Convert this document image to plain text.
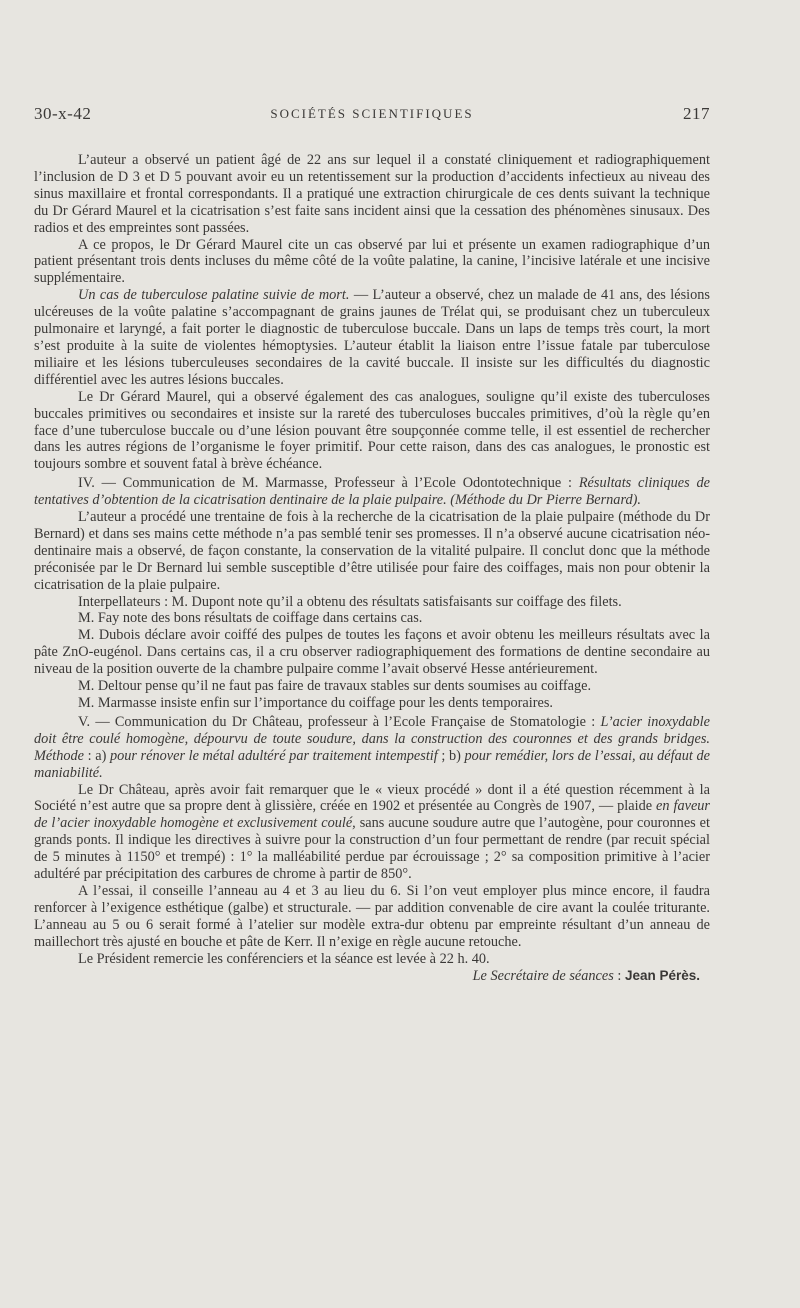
30-x-42	SOCIÉTÉS SCIENTIFIQUES	217

L’auteur a observé un patient âgé de 22 ans sur lequel il a constaté cliniquement et radiographiquement l’inclusion de D 3 et D 5 pouvant avoir eu un retentissement sur la production d’accidents infectieux au niveau des sinus maxillaire et frontal correspondants. Il a pratiqué une extraction chirurgicale de ces dents suivant la technique du Dr Gérard Maurel et la cicatrisation s’est faite sans incident ainsi que la cessation des phénomènes sinusaux. Des radios et des empreintes sont passées.

A ce propos, le Dr Gérard Maurel cite un cas observé par lui et présente un examen radiographique d’un patient présentant trois dents incluses du même côté de la voûte palatine, la canine, l’incisive latérale et une incisive supplémentaire.

Un cas de tuberculose palatine suivie de mort. — L’auteur a observé, chez un malade de 41 ans, des lésions ulcéreuses de la voûte palatine s’accompagnant de grains jaunes de Trélat qui, se produisant chez un tuberculeux pulmonaire et laryngé, a fait porter le diagnostic de tuberculose buccale. Dans un laps de temps très court, la mort s’est produite à la suite de violentes hémoptysies. L’auteur établit la liaison entre l’issue fatale par tuberculose miliaire et les lésions tuberculeuses secondaires de la cavité buccale. Il insiste sur les difficultés du diagnostic différentiel avec les autres lésions buccales.

Le Dr Gérard Maurel, qui a observé également des cas analogues, souligne qu’il existe des tuberculoses buccales primitives ou secondaires et insiste sur la rareté des tuberculoses buccales primitives, d’où la règle qu’en face d’une tuberculose buccale ou d’une lésion pouvant être soupçonnée comme telle, il est essentiel de rechercher dans les autres régions de l’organisme le foyer primitif. Pour cette raison, dans des cas analogues, le pronostic est toujours sombre et souvent fatal à brève échéance.

IV. — Communication de M. Marmasse, Professeur à l’Ecole Odontotechnique : Résultats cliniques de tentatives d’obtention de la cicatrisation dentinaire de la plaie pulpaire. (Méthode du Dr Pierre Bernard).

L’auteur a procédé une trentaine de fois à la recherche de la cicatrisation de la plaie pulpaire (méthode du Dr Bernard) et dans ses mains cette méthode n’a pas semblé tenir ses promesses. Il n’a observé aucune cicatrisation néo-dentinaire mais a observé, de façon constante, la conservation de la vitalité pulpaire. Il conclut donc que la méthode préconisée par le Dr Bernard lui semble susceptible d’être utilisée pour faire des coiffages, mais non pour obtenir la cicatrisation de la plaie pulpaire.

Interpellateurs : M. Dupont note qu’il a obtenu des résultats satisfaisants sur coiffage des filets.

M. Fay note des bons résultats de coiffage dans certains cas.

M. Dubois déclare avoir coiffé des pulpes de toutes les façons et avoir obtenu les meilleurs résultats avec la pâte ZnO-eugénol. Dans certains cas, il a cru observer radiographiquement des formations de dentine secondaire au niveau de la position ouverte de la chambre pulpaire comme l’avait observé Hesse antérieurement.

M. Deltour pense qu’il ne faut pas faire de travaux stables sur dents soumises au coiffage.

M. Marmasse insiste enfin sur l’importance du coiffage pour les dents temporaires.

V. — Communication du Dr Château, professeur à l’Ecole Française de Stomatologie : L’acier inoxydable doit être coulé homogène, dépourvu de toute soudure, dans la construction des couronnes et des grands bridges. Méthode : a) pour rénover le métal adultéré par traitement intempestif ; b) pour remédier, lors de l’essai, au défaut de maniabilité.

Le Dr Château, après avoir fait remarquer que le « vieux procédé » dont il a été question récemment à la Société n’est autre que sa propre dent à glissière, créée en 1902 et présentée au Congrès de 1907, — plaide en faveur de l’acier inoxydable homogène et exclusivement coulé, sans aucune soudure autre que l’autogène, pour couronnes et grands ponts. Il indique les directives à suivre pour la construction d’un four permettant de rendre (par recuit spécial de 5 minutes à 1150° et trempé) : 1° la malléabilité perdue par écrouissage ; 2° sa composition primitive à l’acier adultéré par précipitation des carbures de chrome à partir de 850°.

A l’essai, il conseille l’anneau au 4 et 3 au lieu du 6. Si l’on veut employer plus mince encore, il faudra renforcer à l’exigence esthétique (galbe) et structurale. — par addition convenable de cire avant la coulée triturante. L’anneau au 5 ou 6 serait formé à l’atelier sur modèle extra-dur obtenu par empreinte résultant d’un anneau de maillechort très ajusté en bouche et pâte de Kerr. Il n’exige en règle aucune retouche.

Le Président remercie les conférenciers et la séance est levée à 22 h. 40.

Le Secrétaire de séances : Jean Pérès.
